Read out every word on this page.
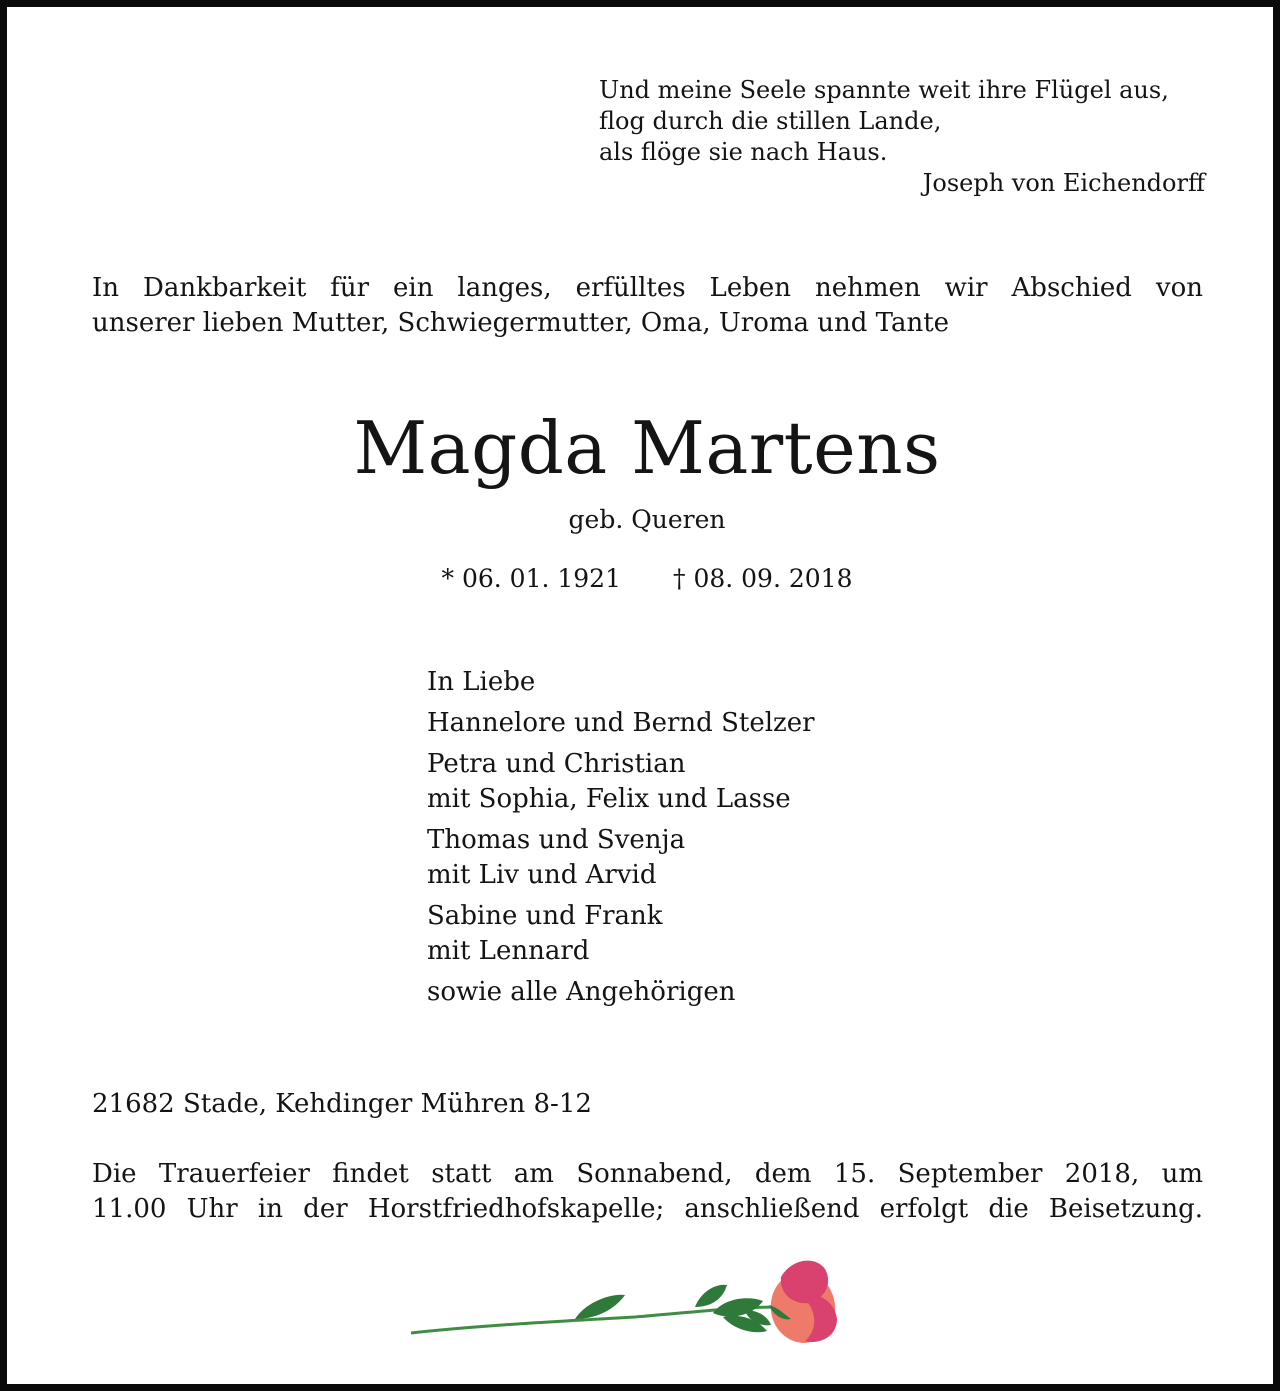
Und meine Seele spannte weit ihre Flügel aus,
flog durch die stillen Lande,
als flöge sie nach Haus.
Joseph von Eichendorff
In Dankbarkeit für ein langes, erfülltes Leben nehmen wir Abschied von
unserer lieben Mutter, Schwiegermutter, Oma, Uroma und Tante
Magda Martens
geb. Queren
* 06. 01. 1921 † 08. 09. 2018
In Liebe
Hannelore und Bernd Stelzer
Petra und Christian
mit Sophia, Felix und Lasse
Thomas und Svenja
mit Liv und Arvid
Sabine und Frank
mit Lennard
sowie alle Angehörigen
21682 Stade, Kehdinger Mühren 8-12
Die Trauerfeier findet statt am Sonnabend, dem 15. September 2018, um
11.00 Uhr in der Horstfriedhofskapelle; anschließend erfolgt die Beisetzung.
